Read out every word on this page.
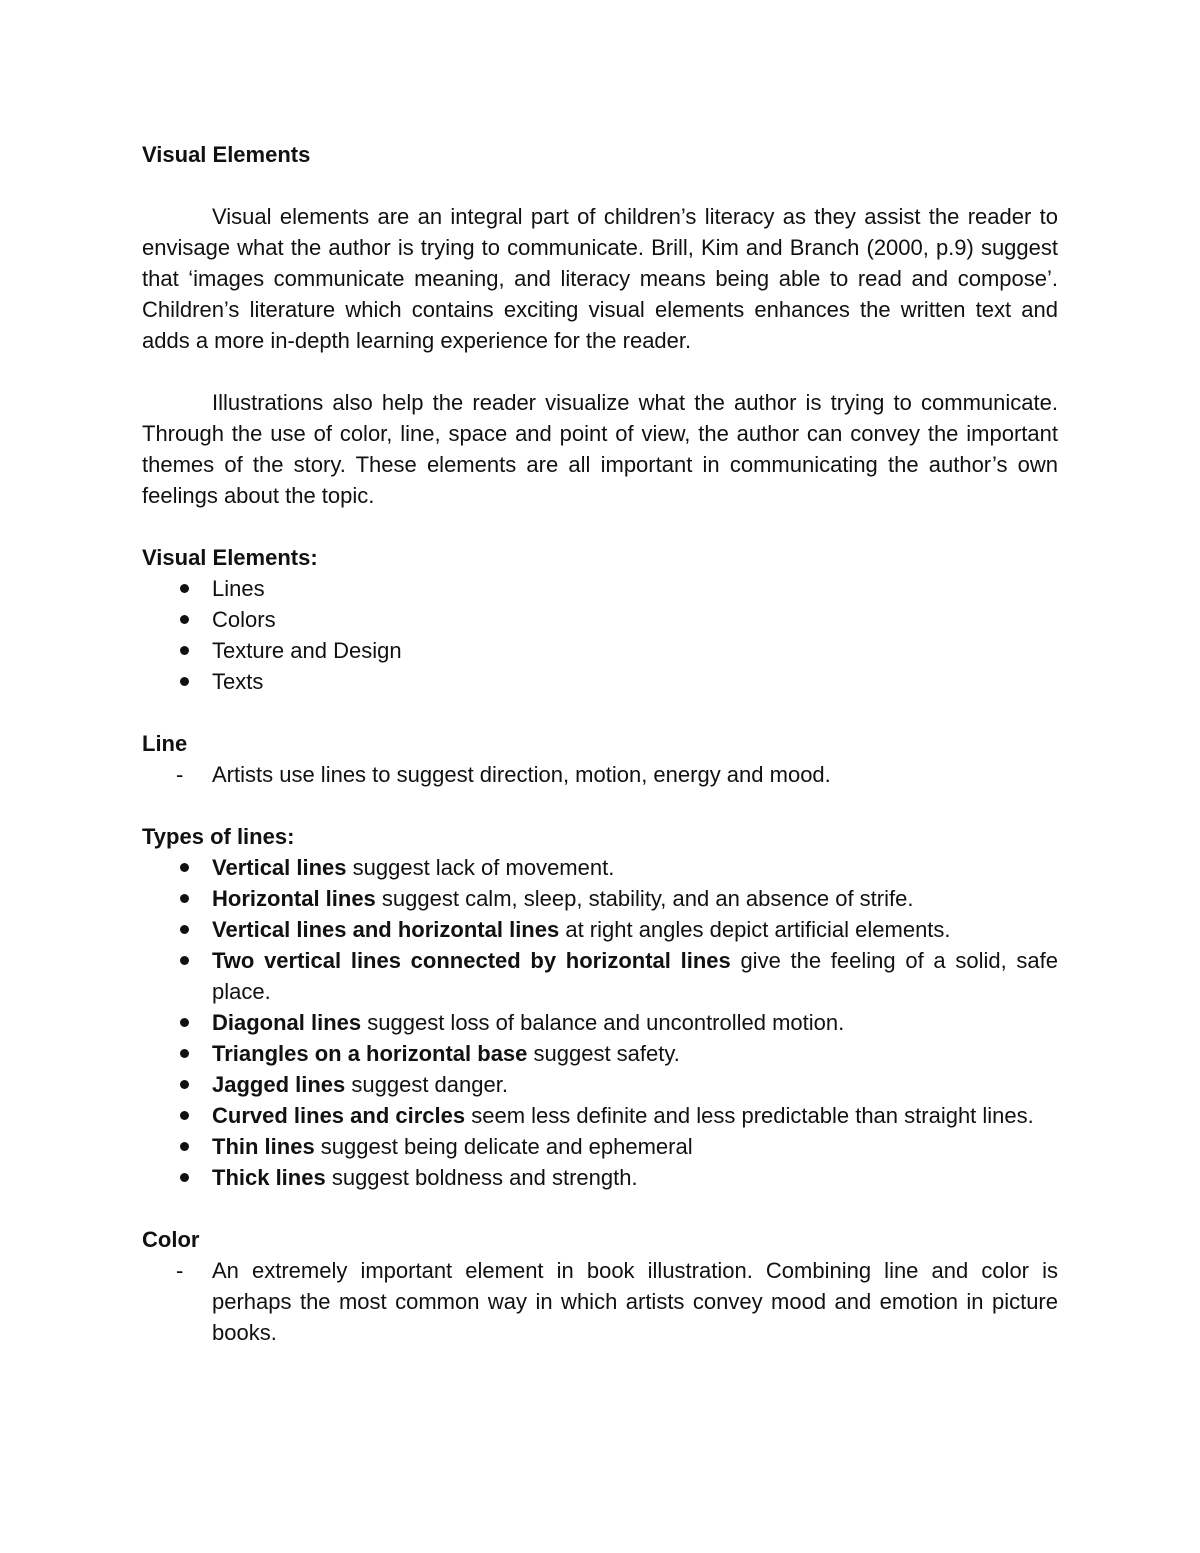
Visual Elements

Visual elements are an integral part of children’s literacy as they assist the reader to envisage what the author is trying to communicate. Brill, Kim and Branch (2000, p.9) suggest that ‘images communicate meaning, and literacy means being able to read and compose’. Children’s literature which contains exciting visual elements enhances the written text and adds a more in-depth learning experience for the reader.

Illustrations also help the reader visualize what the author is trying to communicate. Through the use of color, line, space and point of view, the author can convey the important themes of the story. These elements are all important in communicating the author’s own feelings about the topic.

Visual Elements:

Lines
Colors
Texture and Design
Texts

Line

- Artists use lines to suggest direction, motion, energy and mood.

Types of lines:

Vertical lines suggest lack of movement.
Horizontal lines suggest calm, sleep, stability, and an absence of strife.
Vertical lines and horizontal lines at right angles depict artificial elements.
Two vertical lines connected by horizontal lines give the feeling of a solid, safe place.
Diagonal lines suggest loss of balance and uncontrolled motion.
Triangles on a horizontal base suggest safety.
Jagged lines suggest danger.
Curved lines and circles seem less definite and less predictable than straight lines.
Thin lines suggest being delicate and ephemeral
Thick lines suggest boldness and strength.

Color

- An extremely important element in book illustration. Combining line and color is perhaps the most common way in which artists convey mood and emotion in picture books.
